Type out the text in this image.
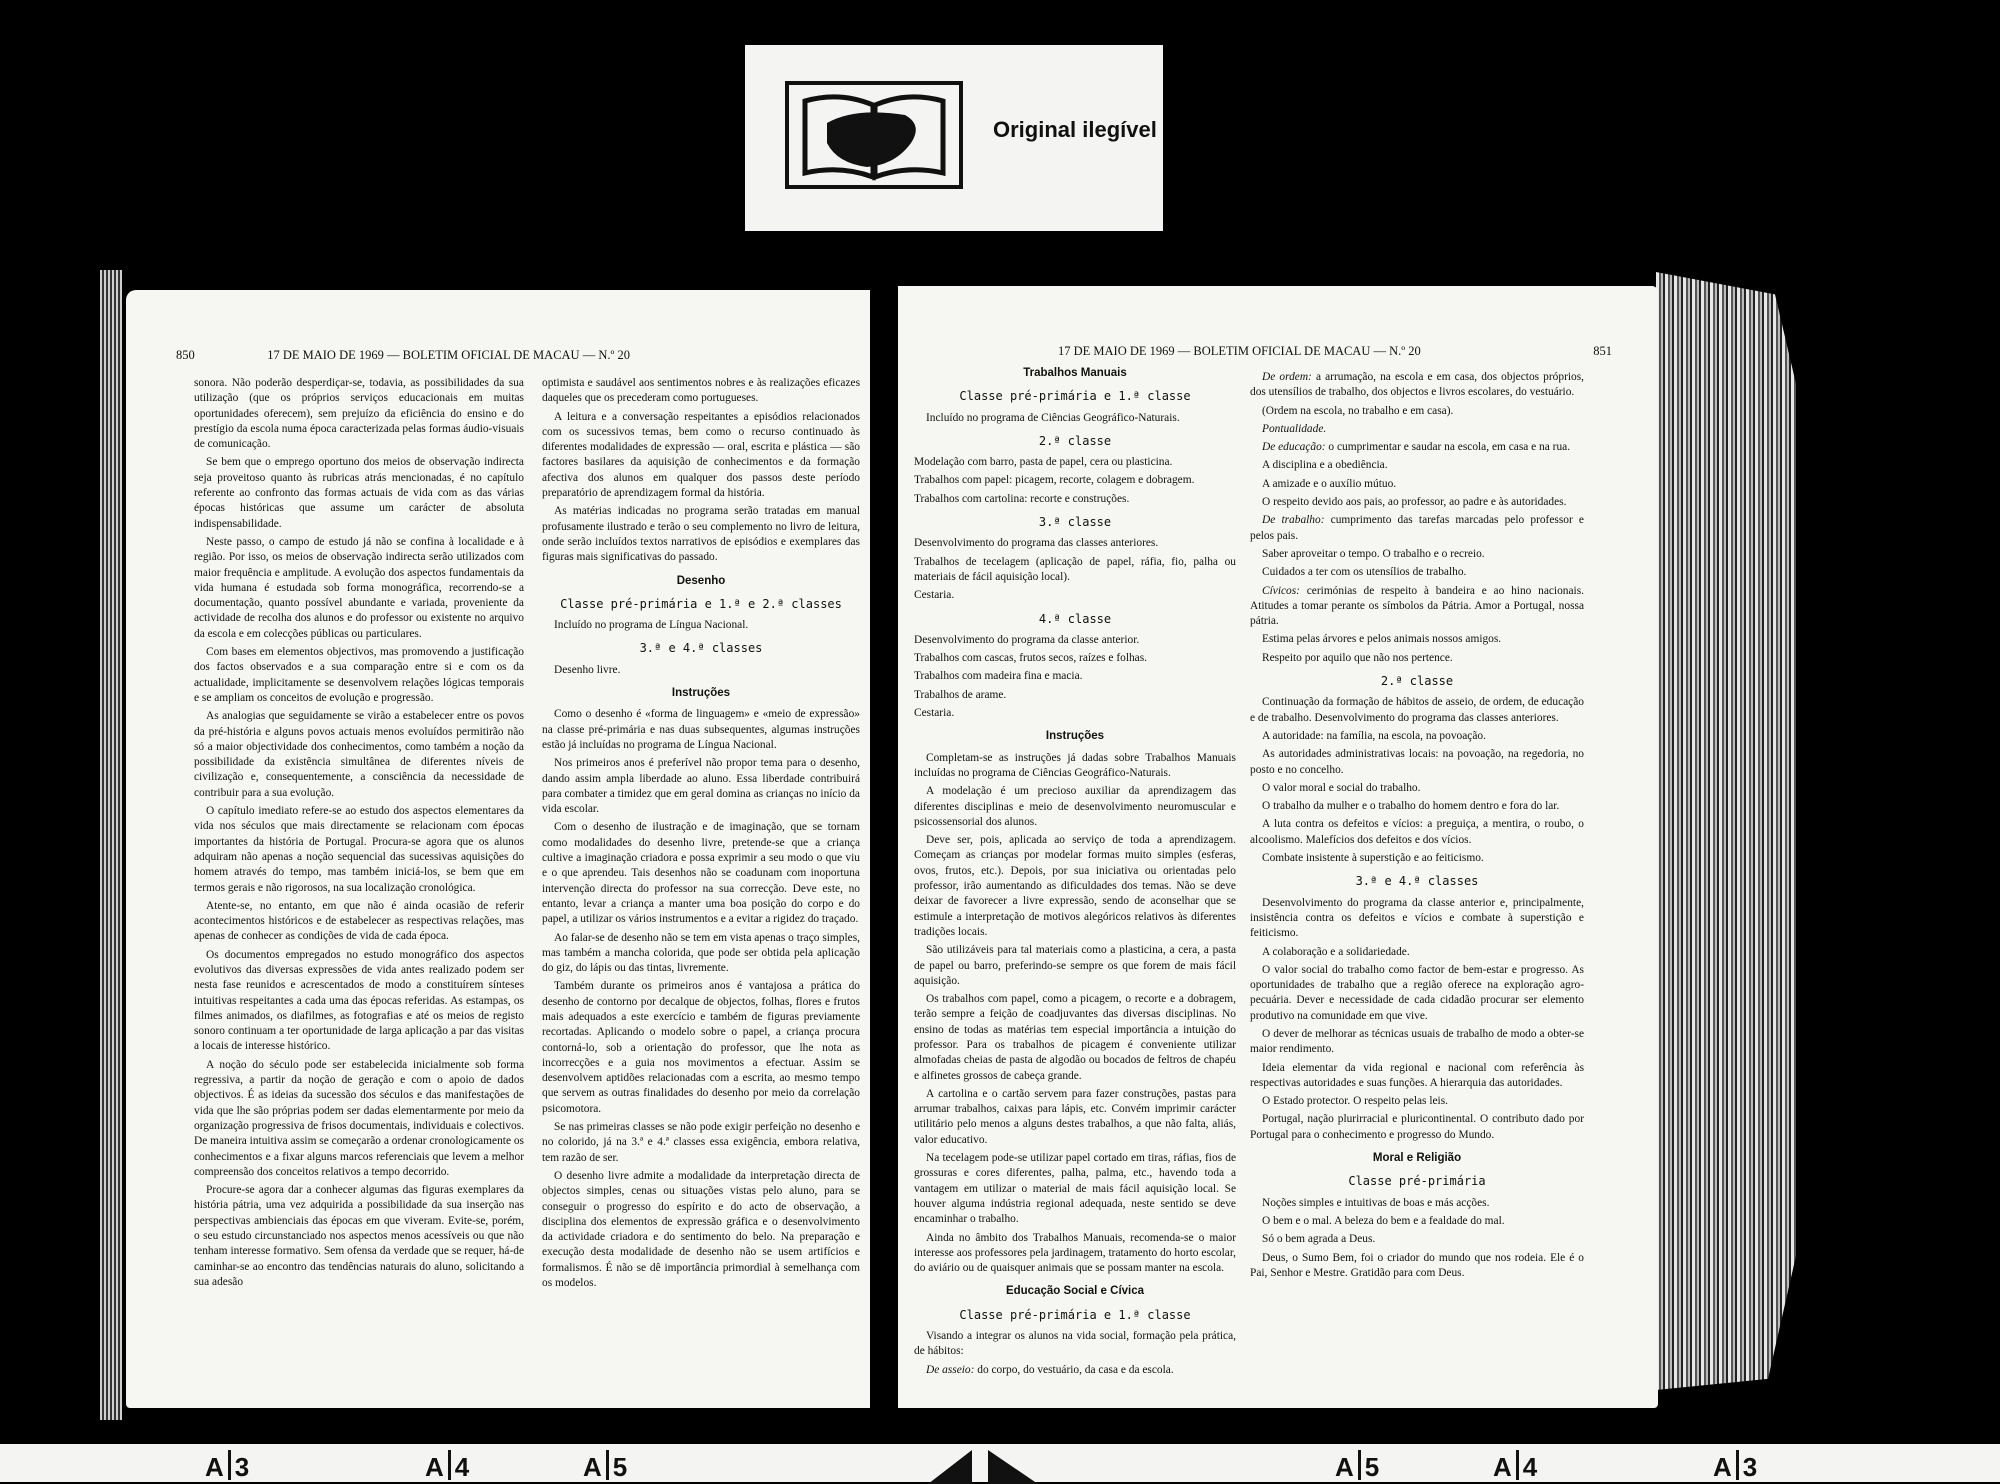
Original ilegível
850	17 DE MAIO DE 1969 — BOLETIM OFICIAL DE MACAU — N.º 20

sonora. Não poderão desperdiçar-se, todavia, as possibilidades da sua utilização (que os próprios serviços educacionais em muitas oportunidades oferecem), sem prejuízo da eficiência do ensino e do prestígio da escola numa época caracterizada pelas formas áudio-visuais de comunicação.

Se bem que o emprego oportuno dos meios de observação indirecta seja proveitoso quanto às rubricas atrás mencionadas, é no capítulo referente ao confronto das formas actuais de vida com as das várias épocas históricas que assume um carácter de absoluta indispensabilidade.

Neste passo, o campo de estudo já não se confina à localidade e à região. Por isso, os meios de observação indirecta serão utilizados com maior frequência e amplitude. A evolução dos aspectos fundamentais da vida humana é estudada sob forma monográfica, recorrendo-se a documentação, quanto possível abundante e variada, proveniente da actividade de recolha dos alunos e do professor ou existente no arquivo da escola e em colecções públicas ou particulares.

Com bases em elementos objectivos, mas promovendo a justificação dos factos observados e a sua comparação entre si e com os da actualidade, implicitamente se desenvolvem relações lógicas temporais e se ampliam os conceitos de evolução e progressão.

As analogias que seguidamente se virão a estabelecer entre os povos da pré-história e alguns povos actuais menos evoluídos permitirão não só a maior objectividade dos conhecimentos, como também a noção da possibilidade da existência simultânea de diferentes níveis de civilização e, consequentemente, a consciência da necessidade de contribuir para a sua evolução.

O capítulo imediato refere-se ao estudo dos aspectos elementares da vida nos séculos que mais directamente se relacionam com épocas importantes da história de Portugal. Procura-se agora que os alunos adquiram não apenas a noção sequencial das sucessivas aquisições do homem através do tempo, mas também iniciá-los, se bem que em termos gerais e não rigorosos, na sua localização cronológica.

Atente-se, no entanto, em que não é ainda ocasião de referir acontecimentos históricos e de estabelecer as respectivas relações, mas apenas de conhecer as condições de vida de cada época.

Os documentos empregados no estudo monográfico dos aspectos evolutivos das diversas expressões de vida antes realizado podem ser nesta fase reunidos e acrescentados de modo a constituírem sínteses intuitivas respeitantes a cada uma das épocas referidas. As estampas, os filmes animados, os diafilmes, as fotografias e até os meios de registo sonoro continuam a ter oportunidade de larga aplicação a par das visitas a locais de interesse histórico.

A noção do século pode ser estabelecida inicialmente sob forma regressiva, a partir da noção de geração e com o apoio de dados objectivos. É as ideias da sucessão dos séculos e das manifestações de vida que lhe são próprias podem ser dadas elementarmente por meio da organização progressiva de frisos documentais, individuais e colectivos. De maneira intuitiva assim se começarão a ordenar cronologicamente os conhecimentos e a fixar alguns marcos referenciais que levem a melhor compreensão dos conceitos relativos a tempo decorrido.

Procure-se agora dar a conhecer algumas das figuras exemplares da história pátria, uma vez adquirida a possibilidade da sua inserção nas perspectivas ambienciais das épocas em que viveram. Evite-se, porém, o seu estudo circunstanciado nos aspectos menos acessíveis ou que não tenham interesse formativo. Sem ofensa da verdade que se requer, há-de caminhar-se ao encontro das tendências naturais do aluno, solicitando a sua adesão

optimista e saudável aos sentimentos nobres e às realizações eficazes daqueles que os precederam como portugueses.

A leitura e a conversação respeitantes a episódios relacionados com os sucessivos temas, bem como o recurso continuado às diferentes modalidades de expressão — oral, escrita e plástica — são factores basilares da aquisição de conhecimentos e da formação afectiva dos alunos em qualquer dos passos deste período preparatório de aprendizagem formal da história.

As matérias indicadas no programa serão tratadas em manual profusamente ilustrado e terão o seu complemento no livro de leitura, onde serão incluídos textos narrativos de episódios e exemplares das figuras mais significativas do passado.

Desenho
Classe pré-primária e 1.ª e 2.ª classes

Incluído no programa de Língua Nacional.

3.ª e 4.ª classes

Desenho livre.

Instruções

Como o desenho é «forma de linguagem» e «meio de expressão» na classe pré-primária e nas duas subsequentes, algumas instruções estão já incluídas no programa de Língua Nacional.

Nos primeiros anos é preferível não propor tema para o desenho, dando assim ampla liberdade ao aluno. Essa liberdade contribuirá para combater a timidez que em geral domina as crianças no início da vida escolar.

Com o desenho de ilustração e de imaginação, que se tornam como modalidades do desenho livre, pretende-se que a criança cultive a imaginação criadora e possa exprimir a seu modo o que viu e o que aprendeu. Tais desenhos não se coadunam com inoportuna intervenção directa do professor na sua correcção. Deve este, no entanto, levar a criança a manter uma boa posição do corpo e do papel, a utilizar os vários instrumentos e a evitar a rigidez do traçado.

Ao falar-se de desenho não se tem em vista apenas o traço simples, mas também a mancha colorida, que pode ser obtida pela aplicação do giz, do lápis ou das tintas, livremente.

Também durante os primeiros anos é vantajosa a prática do desenho de contorno por decalque de objectos, folhas, flores e frutos mais adequados a este exercício e também de figuras previamente recortadas. Aplicando o modelo sobre o papel, a criança procura contorná-lo, sob a orientação do professor, que lhe nota as incorrecções e a guia nos movimentos a efectuar. Assim se desenvolvem aptidões relacionadas com a escrita, ao mesmo tempo que servem as outras finalidades do desenho por meio da correlação psicomotora.

Se nas primeiras classes se não pode exigir perfeição no desenho e no colorido, já na 3.ª e 4.ª classes essa exigência, embora relativa, tem razão de ser.

O desenho livre admite a modalidade da interpretação directa de objectos simples, cenas ou situações vistas pelo aluno, para se conseguir o progresso do espírito e do acto de observação, a disciplina dos elementos de expressão gráfica e o desenvolvimento da actividade criadora e do sentimento do belo. Na preparação e execução desta modalidade de desenho não se usem artifícios e formalismos. É não se dê importância primordial à semelhança com os modelos.

17 DE MAIO DE 1969 — BOLETIM OFICIAL DE MACAU — N.º 20	851
Trabalhos Manuais
Classe pré-primária e 1.ª classe

Incluído no programa de Ciências Geográfico-Naturais.

2.ª classe

Modelação com barro, pasta de papel, cera ou plasticina.

Trabalhos com papel: picagem, recorte, colagem e dobragem.

Trabalhos com cartolina: recorte e construções.

3.ª classe

Desenvolvimento do programa das classes anteriores.

Trabalhos de tecelagem (aplicação de papel, ráfia, fio, palha ou materiais de fácil aquisição local).

Cestaria.

4.ª classe

Desenvolvimento do programa da classe anterior.

Trabalhos com cascas, frutos secos, raízes e folhas.

Trabalhos com madeira fina e macia.

Trabalhos de arame.

Cestaria.

Instruções

Completam-se as instruções já dadas sobre Trabalhos Manuais incluídas no programa de Ciências Geográfico-Naturais.

A modelação é um precioso auxiliar da aprendizagem das diferentes disciplinas e meio de desenvolvimento neuromuscular e psicossensorial dos alunos.

Deve ser, pois, aplicada ao serviço de toda a aprendizagem. Começam as crianças por modelar formas muito simples (esferas, ovos, frutos, etc.). Depois, por sua iniciativa ou orientadas pelo professor, irão aumentando as dificuldades dos temas. Não se deve deixar de favorecer a livre expressão, sendo de aconselhar que se estimule a interpretação de motivos alegóricos relativos às diferentes tradições locais.

São utilizáveis para tal materiais como a plasticina, a cera, a pasta de papel ou barro, preferindo-se sempre os que forem de mais fácil aquisição.

Os trabalhos com papel, como a picagem, o recorte e a dobragem, terão sempre a feição de coadjuvantes das diversas disciplinas. No ensino de todas as matérias tem especial importância a intuição do professor. Para os trabalhos de picagem é conveniente utilizar almofadas cheias de pasta de algodão ou bocados de feltros de chapéu e alfinetes grossos de cabeça grande.

A cartolina e o cartão servem para fazer construções, pastas para arrumar trabalhos, caixas para lápis, etc. Convém imprimir carácter utilitário pelo menos a alguns destes trabalhos, a que não falta, aliás, valor educativo.

Na tecelagem pode-se utilizar papel cortado em tiras, ráfias, fios de grossuras e cores diferentes, palha, palma, etc., havendo toda a vantagem em utilizar o material de mais fácil aquisição local. Se houver alguma indústria regional adequada, neste sentido se deve encaminhar o trabalho.

Ainda no âmbito dos Trabalhos Manuais, recomenda-se o maior interesse aos professores pela jardinagem, tratamento do horto escolar, do aviário ou de quaisquer animais que se possam manter na escola.

Educação Social e Cívica
Classe pré-primária e 1.ª classe

Visando a integrar os alunos na vida social, formação pela prática, de hábitos:

De asseio: do corpo, do vestuário, da casa e da escola.

De ordem: a arrumação, na escola e em casa, dos objectos próprios, dos utensílios de trabalho, dos objectos e livros escolares, do vestuário.

(Ordem na escola, no trabalho e em casa).

Pontualidade.

De educação: o cumprimentar e saudar na escola, em casa e na rua.

A disciplina e a obediência.

A amizade e o auxílio mútuo.

O respeito devido aos pais, ao professor, ao padre e às autoridades.

De trabalho: cumprimento das tarefas marcadas pelo professor e pelos pais.

Saber aproveitar o tempo. O trabalho e o recreio.

Cuidados a ter com os utensílios de trabalho.

Cívicos: cerimónias de respeito à bandeira e ao hino nacionais. Atitudes a tomar perante os símbolos da Pátria. Amor a Portugal, nossa pátria.

Estima pelas árvores e pelos animais nossos amigos.

Respeito por aquilo que não nos pertence.

2.ª classe

Continuação da formação de hábitos de asseio, de ordem, de educação e de trabalho. Desenvolvimento do programa das classes anteriores.

A autoridade: na família, na escola, na povoação.

As autoridades administrativas locais: na povoação, na regedoria, no posto e no concelho.

O valor moral e social do trabalho.

O trabalho da mulher e o trabalho do homem dentro e fora do lar.

A luta contra os defeitos e vícios: a preguiça, a mentira, o roubo, o alcoolismo. Malefícios dos defeitos e dos vícios.

Combate insistente à superstição e ao feiticismo.

3.ª e 4.ª classes

Desenvolvimento do programa da classe anterior e, principalmente, insistência contra os defeitos e vícios e combate à superstição e feiticismo.

A colaboração e a solidariedade.

O valor social do trabalho como factor de bem-estar e progresso. As oportunidades de trabalho que a região oferece na exploração agro-pecuária. Dever e necessidade de cada cidadão procurar ser elemento produtivo na comunidade em que vive.

O dever de melhorar as técnicas usuais de trabalho de modo a obter-se maior rendimento.

Ideia elementar da vida regional e nacional com referência às respectivas autoridades e suas funções. A hierarquia das autoridades.

O Estado protector. O respeito pelas leis.

Portugal, nação plurirracial e pluricontinental. O contributo dado por Portugal para o conhecimento e progresso do Mundo.

Moral e Religião
Classe pré-primária

Noções simples e intuitivas de boas e más acções.

O bem e o mal. A beleza do bem e a fealdade do mal.

Só o bem agrada a Deus.

Deus, o Sumo Bem, foi o criador do mundo que nos rodeia. Ele é o Pai, Senhor e Mestre. Gratidão para com Deus.

A 3	A 4	A 5	A 5	A 4	A 3
